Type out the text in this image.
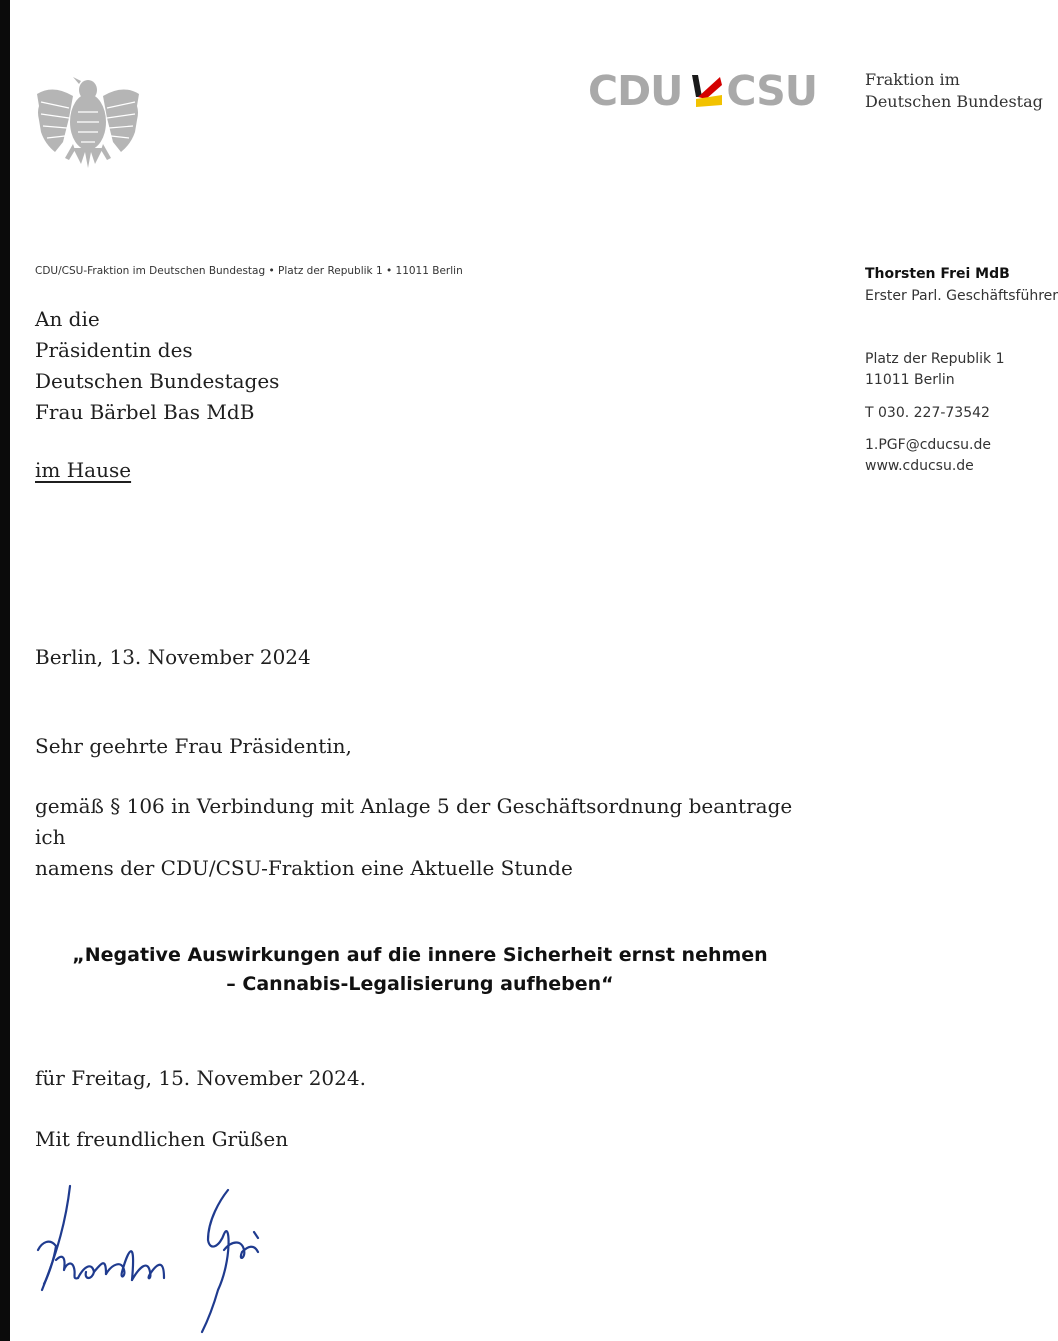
CDU CSU	Fraktion im
Deutschen Bundestag
CDU/CSU-Fraktion im Deutschen Bundestag • Platz der Republik 1 • 11011 Berlin
An die
Präsidentin des
Deutschen Bundestages
Frau Bärbel Bas MdB
im Hause
Thorsten Frei MdB
Erster Parl. Geschäftsführer
Platz der Republik 1
11011 Berlin
T 030. 227-73542
1.PGF@cducsu.de
www.cducsu.de
Berlin, 13. November 2024
Sehr geehrte Frau Präsidentin,
gemäß § 106 in Verbindung mit Anlage 5 der Geschäftsordnung beantrage ich
namens der CDU/CSU-Fraktion eine Aktuelle Stunde
„Negative Auswirkungen auf die innere Sicherheit ernst nehmen
– Cannabis-Legalisierung aufheben“
für Freitag, 15. November 2024.
Mit freundlichen Grüßen
